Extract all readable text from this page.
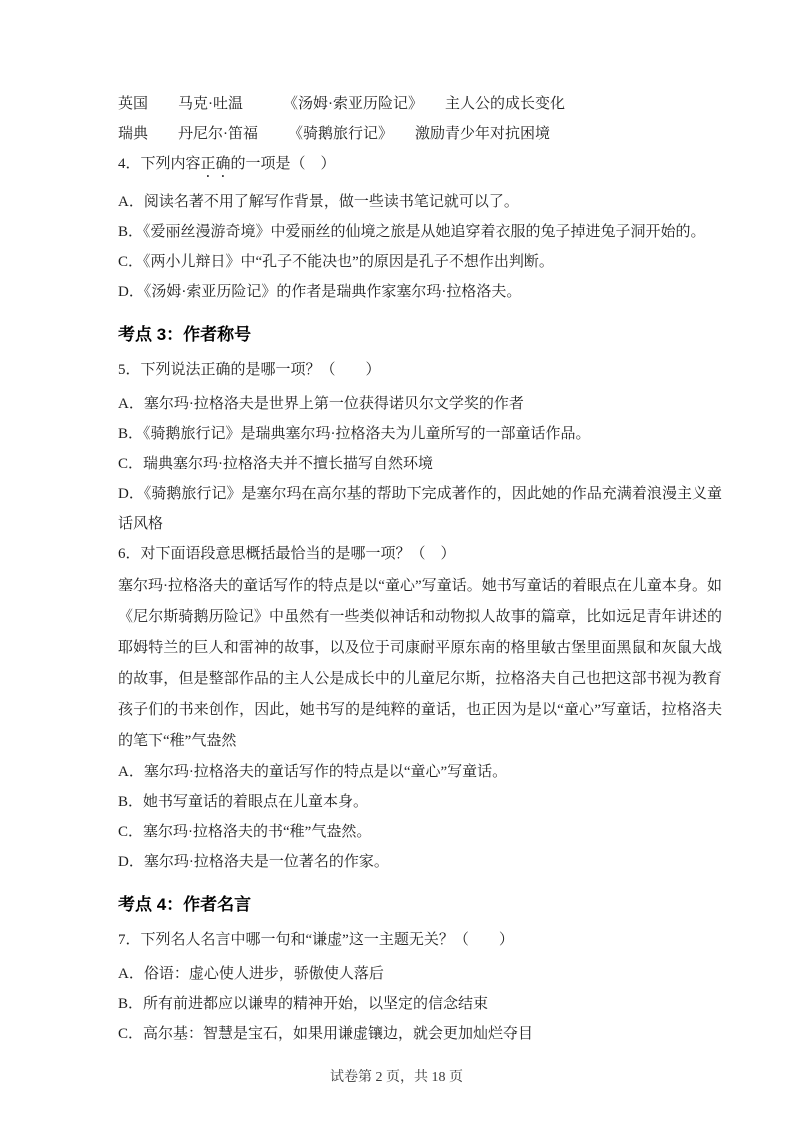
英国 马克·吐温	《汤姆·索亚历险记》 主人公的成长变化
瑞典 丹尼尔·笛福 《骑鹅旅行记》 激励青少年对抗困境
4．下列内容正确的一项是（　）
A．阅读名著不用了解写作背景，做一些读书笔记就可以了。
B．《爱丽丝漫游奇境》中爱丽丝的仙境之旅是从她追穿着衣服的兔子掉进兔子洞开始的。
C．《两小儿辩日》中“孔子不能决也”的原因是孔子不想作出判断。
D．《汤姆·索亚历险记》的作者是瑞典作家塞尔玛·拉格洛夫。
考点 3：作者称号
5．下列说法正确的是哪一项？（　　）
A．塞尔玛·拉格洛夫是世界上第一位获得诺贝尔文学奖的作者
B．《骑鹅旅行记》是瑞典塞尔玛·拉格洛夫为儿童所写的一部童话作品。
C．瑞典塞尔玛·拉格洛夫并不擅长描写自然环境
D．《骑鹅旅行记》是塞尔玛在高尔基的帮助下完成著作的，因此她的作品充满着浪漫主义童话风格
6．对下面语段意思概括最恰当的是哪一项？（　）
塞尔玛·拉格洛夫的童话写作的特点是以“童心”写童话。她书写童话的着眼点在儿童本身。如《尼尔斯骑鹅历险记》中虽然有一些类似神话和动物拟人故事的篇章，比如远足青年讲述的耶姆特兰的巨人和雷神的故事，以及位于司康耐平原东南的格里敏古堡里面黑鼠和灰鼠大战的故事，但是整部作品的主人公是成长中的儿童尼尔斯，拉格洛夫自己也把这部书视为教育孩子们的书来创作，因此，她书写的是纯粹的童话，也正因为是以“童心”写童话，拉格洛夫的笔下“稚”气盎然
A．塞尔玛·拉格洛夫的童话写作的特点是以“童心”写童话。
B．她书写童话的着眼点在儿童本身。
C．塞尔玛·拉格洛夫的书“稚”气盎然。
D．塞尔玛·拉格洛夫是一位著名的作家。
考点 4：作者名言
7．下列名人名言中哪一句和“谦虚”这一主题无关？（　　）
A．俗语：虚心使人进步，骄傲使人落后
B．所有前进都应以谦卑的精神开始，以坚定的信念结束
C．高尔基：智慧是宝石，如果用谦虚镶边，就会更加灿烂夺目
试卷第 2 页，共 18 页
